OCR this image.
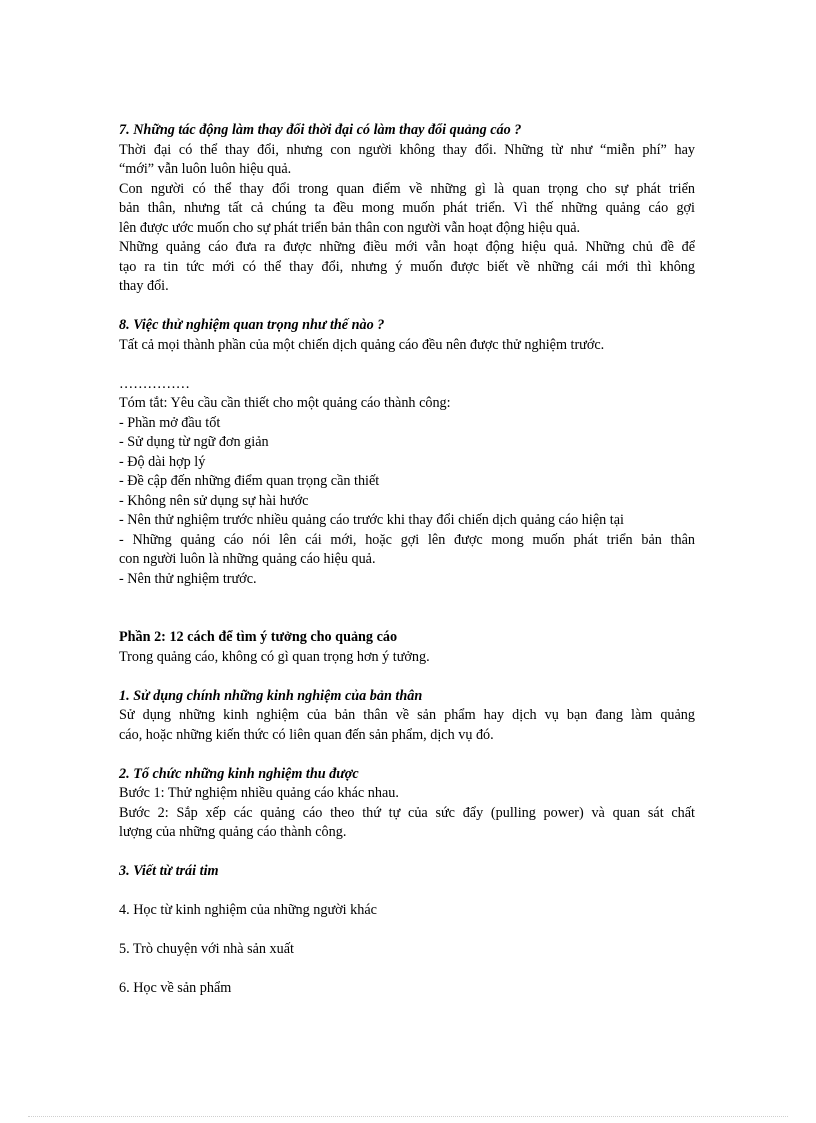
7. Những tác động làm thay đổi thời đại có làm thay đổi quảng cáo ?
Thời đại có thể thay đổi, nhưng con người không thay đổi. Những từ như “miễn phí” hay
“mới” vẫn luôn luôn hiệu quả.
Con người có thể thay đổi trong quan điểm về những gì là quan trọng cho sự phát triển
bản thân, nhưng tất cả chúng ta đều mong muốn phát triển. Vì thế những quảng cáo gợi
lên được ước muốn cho sự phát triển bản thân con người vẫn hoạt động hiệu quả.
Những quảng cáo đưa ra được những điều mới vẫn hoạt động hiệu quả. Những chủ đề để
tạo ra tin tức mới có thể thay đổi, nhưng ý muốn được biết về những cái mới thì không
thay đổi.
8. Việc thử nghiệm quan trọng như thế nào ?
Tất cả mọi thành phần của một chiến dịch quảng cáo đều nên được thử nghiệm trước.
……………
Tóm tắt: Yêu cầu cần thiết cho một quảng cáo thành công:
- Phần mở đầu tốt
- Sử dụng từ ngữ đơn giản
- Độ dài hợp lý
- Đề cập đến những điểm quan trọng cần thiết
- Không nên sử dụng sự hài hước
- Nên thử nghiệm trước nhiều quảng cáo trước khi thay đổi chiến dịch quảng cáo hiện tại
- Những quảng cáo nói lên cái mới, hoặc gợi lên được mong muốn phát triển bản thân
con người luôn là những quảng cáo hiệu quả.
- Nên thử nghiệm trước.
Phần 2: 12 cách để tìm ý tưởng cho quảng cáo
Trong quảng cáo, không có gì quan trọng hơn ý tưởng.
1. Sử dụng chính những kinh nghiệm của bản thân
Sử dụng những kinh nghiệm của bản thân về sản phẩm hay dịch vụ bạn đang làm quảng
cáo, hoặc những kiến thức có liên quan đến sản phẩm, dịch vụ đó.
2. Tổ chức những kinh nghiệm thu được
Bước 1: Thử nghiệm nhiều quảng cáo khác nhau.
Bước 2: Sắp xếp các quảng cáo theo thứ tự của sức đẩy (pulling power) và quan sát chất
lượng của những quảng cáo thành công.
3. Viết từ trái tim
4. Học từ kinh nghiệm của những người khác
5. Trò chuyện với nhà sản xuất
6. Học về sản phẩm
